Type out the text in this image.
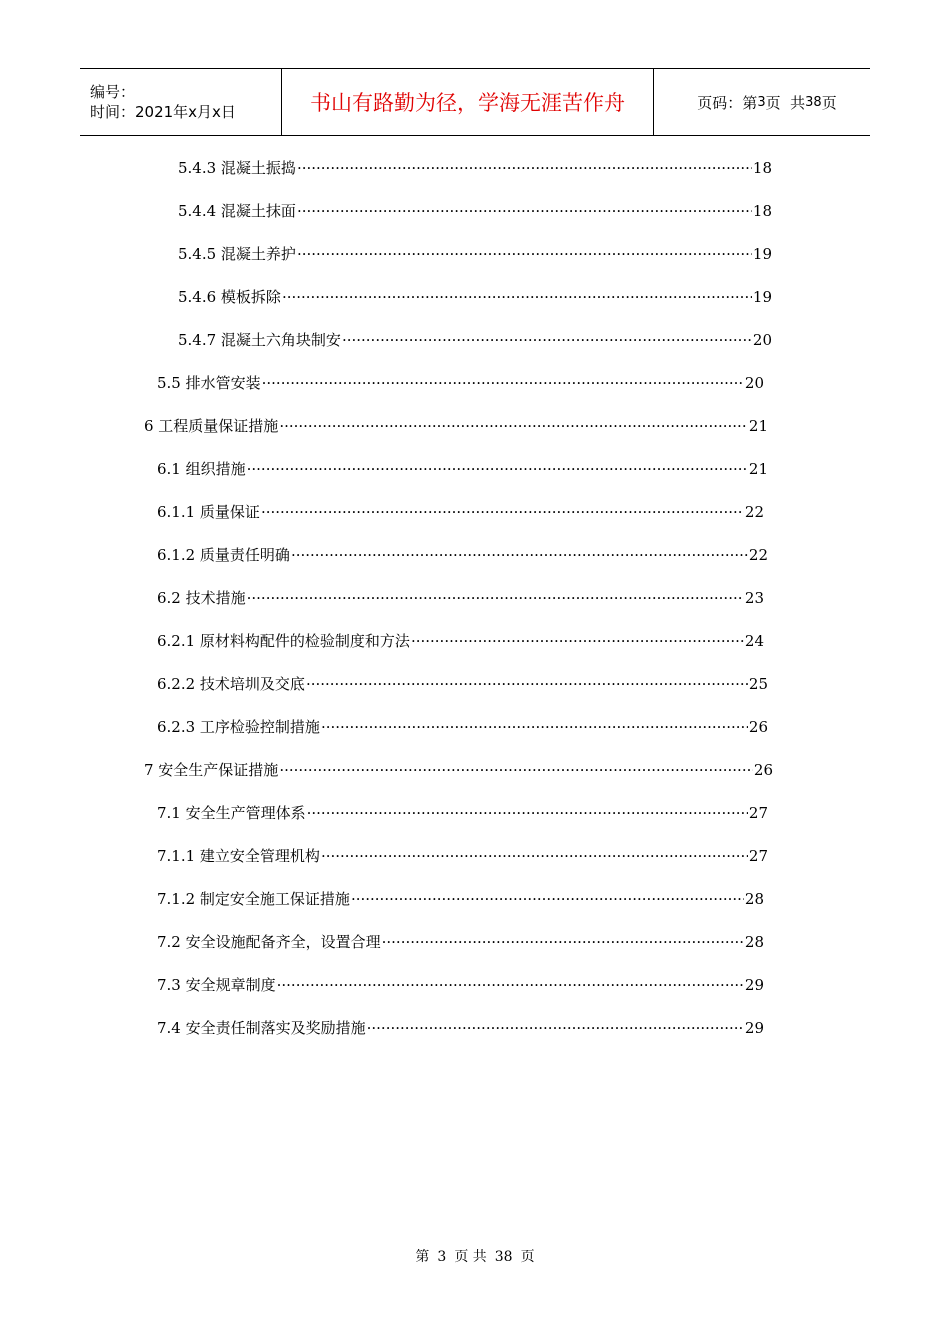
编号：
时间：2021年x月x日	书山有路勤为径，学海无涯苦作舟	页码：第 3 页  共 38 页
5.4.3 混凝土振捣 ·····	18
5.4.4 混凝土抹面 ·····	18
5.4.5 混凝土养护 ·····	19
5.4.6 模板拆除 ·····	19
5.4.7 混凝土六角块制安 ·····	20
5.5 排水管安装 ·····	20
6 工程质量保证措施 ·····	21
6.1 组织措施 ·····	21
6.1.1 质量保证 ·····	22
6.1.2 质量责任明确 ·····	22
6.2 技术措施 ·····	23
6.2.1 原材料构配件的检验制度和方法 ·····	24
6.2.2 技术培圳及交底 ·····	25
6.2.3 工序检验控制措施 ·····	26
7 安全生产保证措施 ·····	26
7.1 安全生产管理体系 ·····	27
7.1.1 建立安全管理机构 ·····	27
7.1.2 制定安全施工保证措施 ·····	28
7.2 安全设施配备齐全，设置合理 ·····	28
7.3 安全规章制度 ·····	29
7.4 安全责任制落实及奖励措施 ·····	29
第 3 页 共 38 页
